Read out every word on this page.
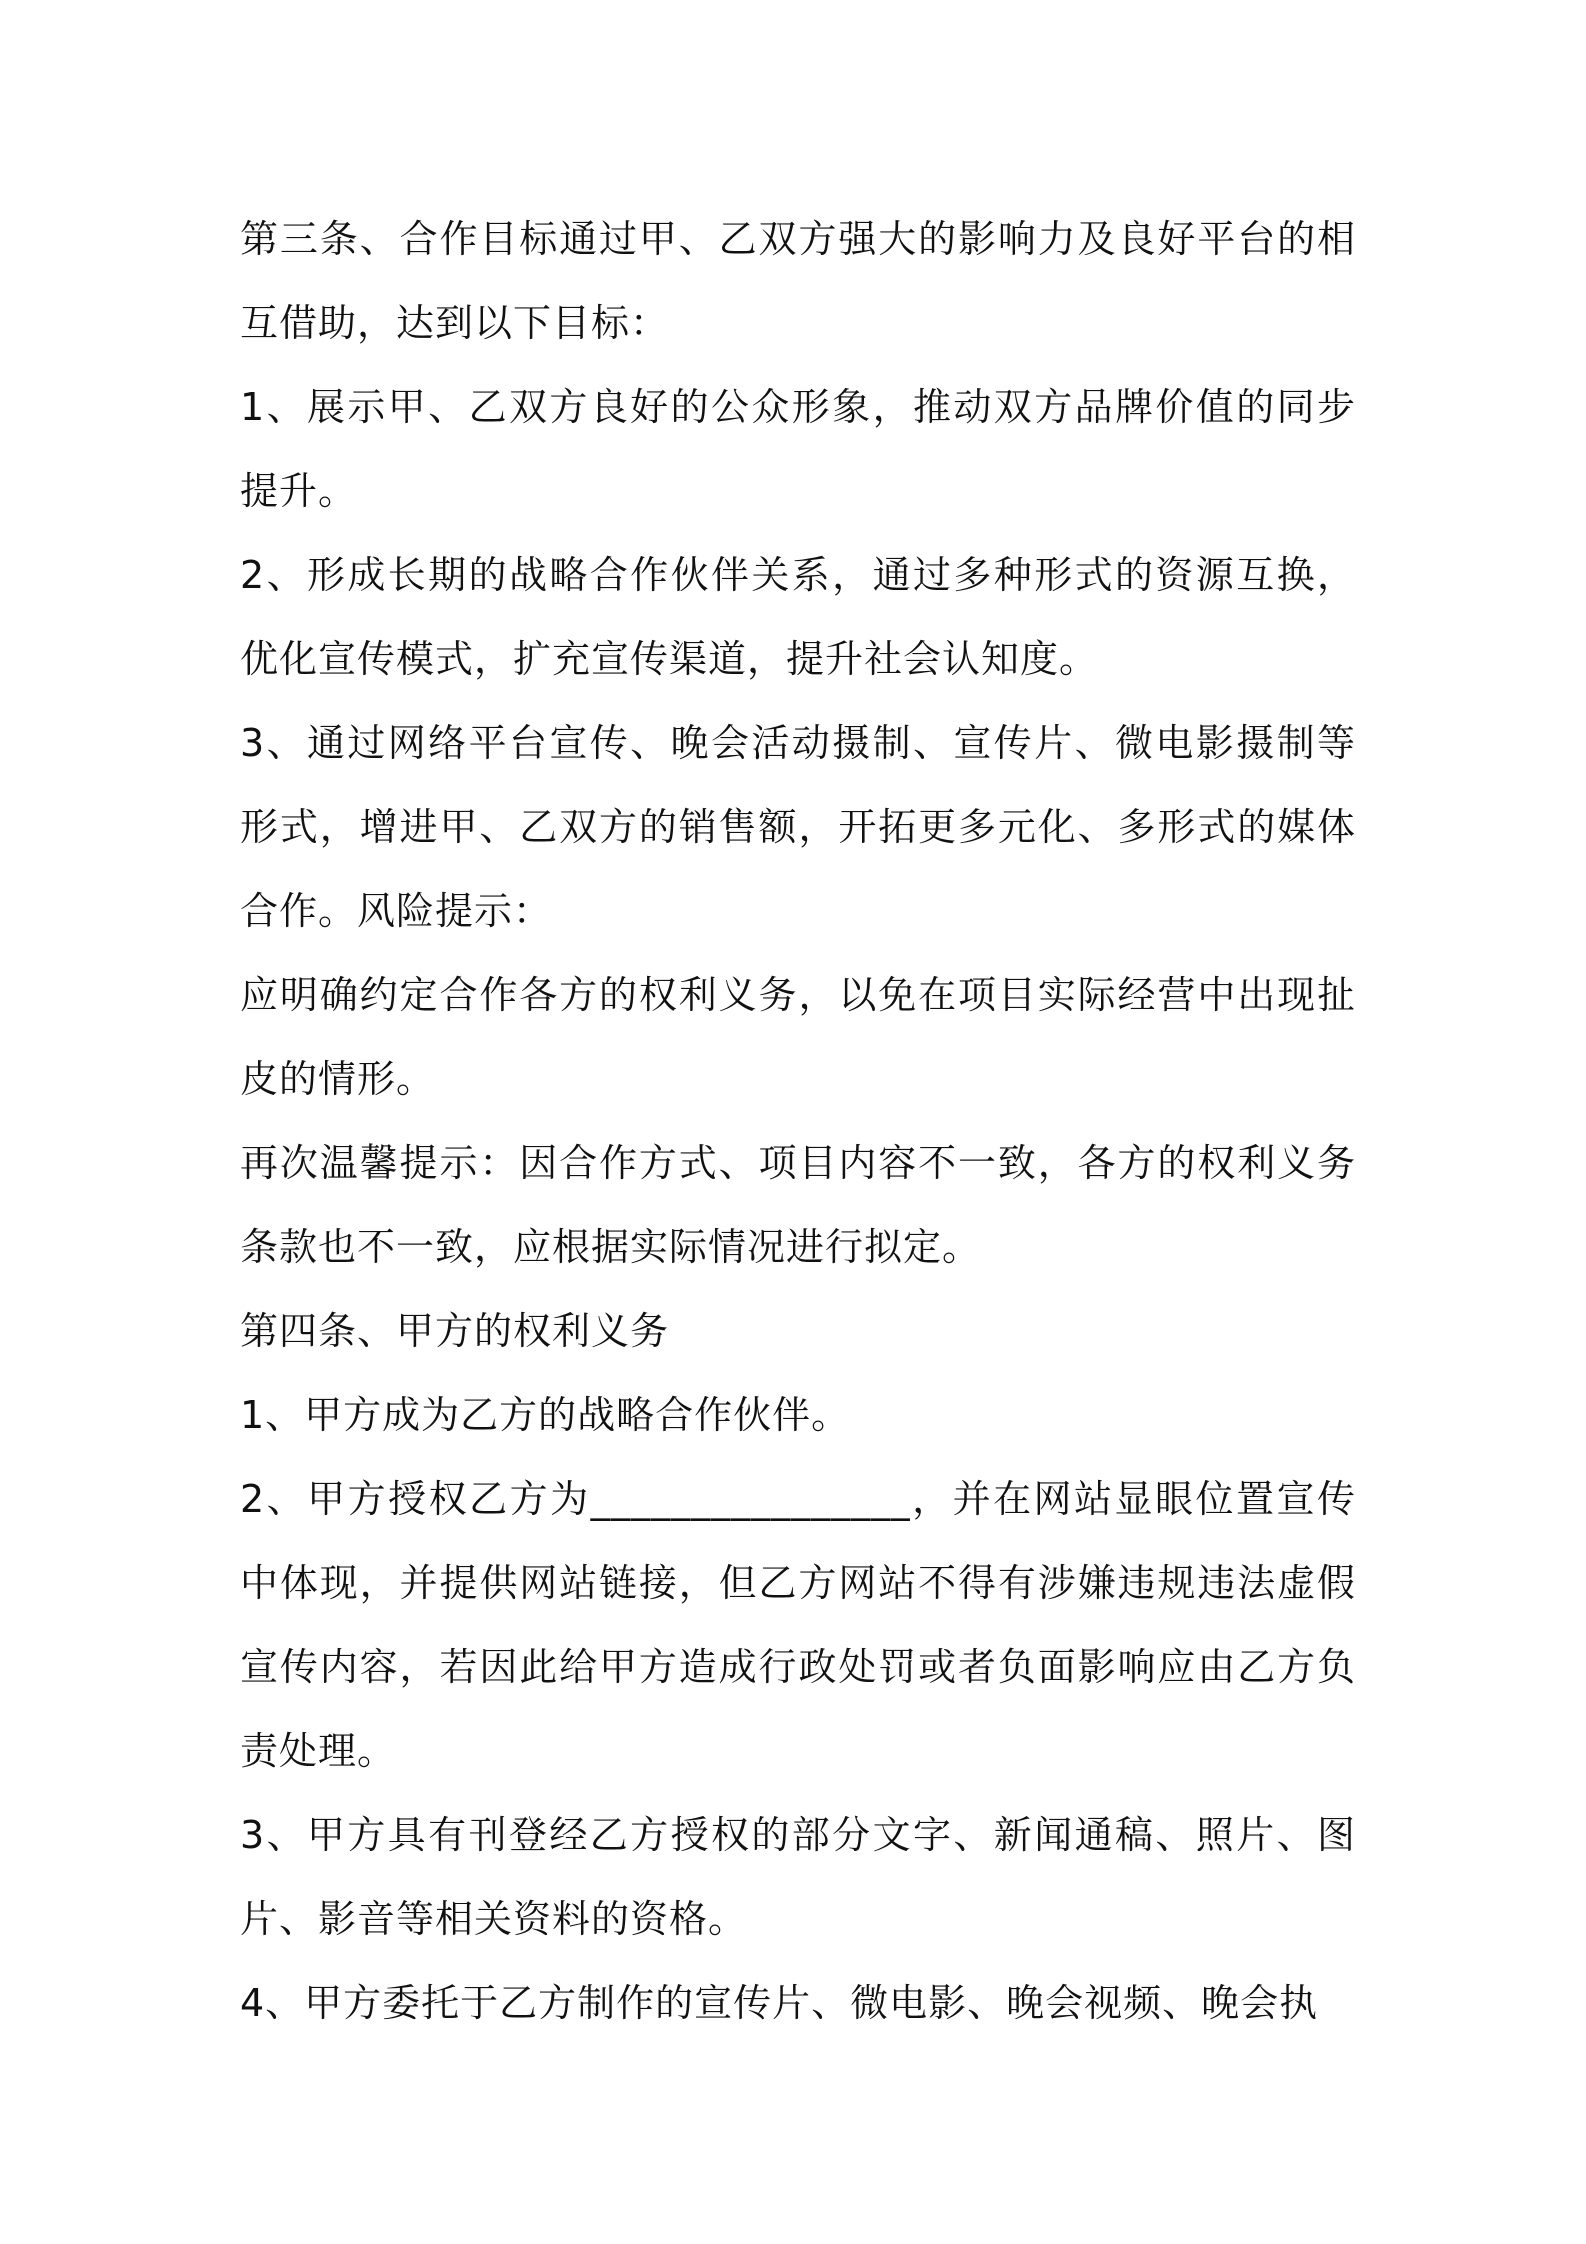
第三条、合作目标通过甲、乙双方强大的影响力及良好平台的相互借助，达到以下目标：

1、展示甲、乙双方良好的公众形象，推动双方品牌价值的同步提升。

2、形成长期的战略合作伙伴关系，通过多种形式的资源互换，优化宣传模式，扩充宣传渠道，提升社会认知度。

3、通过网络平台宣传、晚会活动摄制、宣传片、微电影摄制等形式，增进甲、乙双方的销售额，开拓更多元化、多形式的媒体合作。风险提示：

应明确约定合作各方的权利义务，以免在项目实际经营中出现扯皮的情形。

再次温馨提示：因合作方式、项目内容不一致，各方的权利义务条款也不一致，应根据实际情况进行拟定。

第四条、甲方的权利义务

1、甲方成为乙方的战略合作伙伴。

2、甲方授权乙方为________________，并在网站显眼位置宣传中体现，并提供网站链接，但乙方网站不得有涉嫌违规违法虚假宣传内容，若因此给甲方造成行政处罚或者负面影响应由乙方负责处理。

3、甲方具有刊登经乙方授权的部分文字、新闻通稿、照片、图片、影音等相关资料的资格。

4、甲方委托于乙方制作的宣传片、微电影、晚会视频、晚会执
